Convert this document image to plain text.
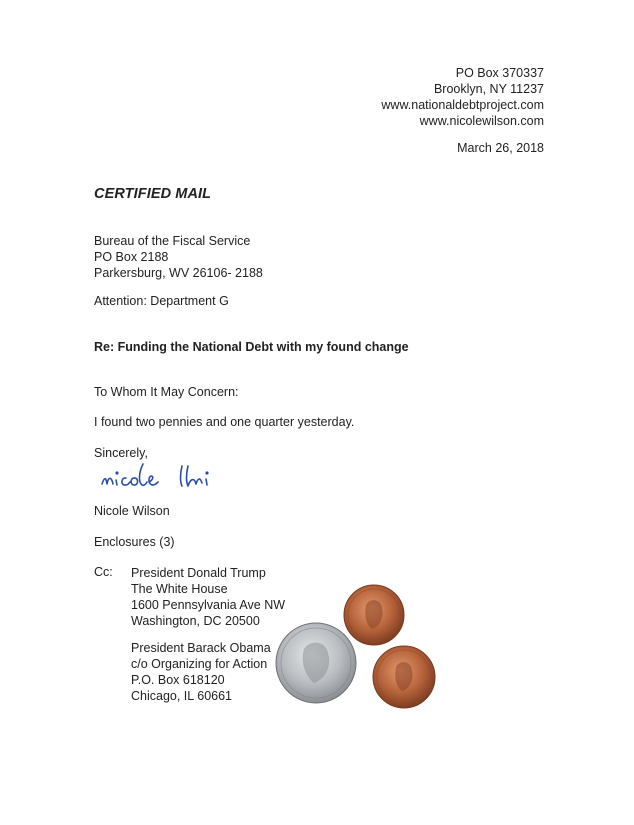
PO Box 370337
Brooklyn, NY 11237
www.nationaldebtproject.com
www.nicolewilson.com
March 26, 2018
CERTIFIED MAIL
Bureau of the Fiscal Service
PO Box 2188
Parkersburg, WV 26106- 2188
Attention: Department G
Re: Funding the National Debt with my found change
To Whom It May Concern:
I found two pennies and one quarter yesterday.
Sincerely,
Nicole Wilson
Enclosures (3)
Cc: President Donald Trump
The White House
1600 Pennsylvania Ave NW
Washington, DC 20500
President Barack Obama
c/o Organizing for Action
P.O. Box 618120
Chicago, IL 60661
